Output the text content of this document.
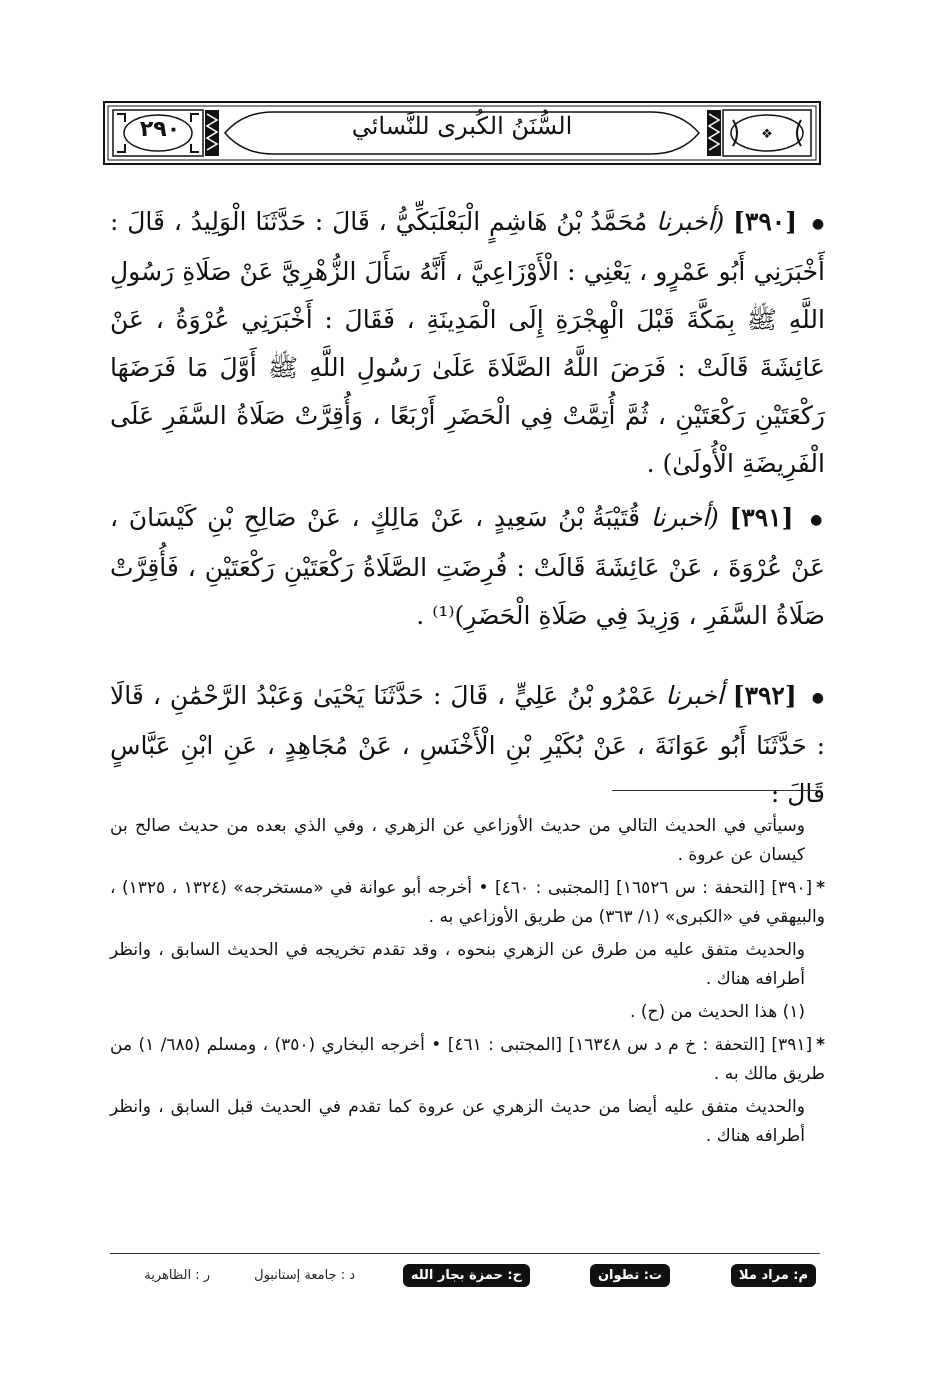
❖
السُّنَنُ الكُبرى للنَّسائي
٢٩٠
● [٣٩٠] (أخبرنا مُحَمَّدُ بْنُ هَاشِمٍ الْبَعْلَبَكِّيُّ ، قَالَ : حَدَّثَنَا الْوَلِيدُ ، قَالَ : أَخْبَرَنِي أَبُو عَمْرٍو ، يَعْنِي : الْأَوْزَاعِيَّ ، أَنَّهُ سَأَلَ الزُّهْرِيَّ عَنْ صَلَاةِ رَسُولِ اللَّهِ ﷺ بِمَكَّةَ قَبْلَ الْهِجْرَةِ إِلَى الْمَدِينَةِ ، فَقَالَ : أَخْبَرَنِي عُرْوَةُ ، عَنْ عَائِشَةَ قَالَتْ : فَرَضَ اللَّهُ الصَّلَاةَ عَلَىٰ رَسُولِ اللَّهِ ﷺ أَوَّلَ مَا فَرَضَهَا رَكْعَتَيْنِ رَكْعَتَيْنِ ، ثُمَّ أُتِمَّتْ فِي الْحَضَرِ أَرْبَعًا ، وَأُقِرَّتْ صَلَاةُ السَّفَرِ عَلَى الْفَرِيضَةِ الْأُولَىٰ) .
● [٣٩١] (أخبرنا قُتَيْبَةُ بْنُ سَعِيدٍ ، عَنْ مَالِكٍ ، عَنْ صَالِحِ بْنِ كَيْسَانَ ، عَنْ عُرْوَةَ ، عَنْ عَائِشَةَ قَالَتْ : فُرِضَتِ الصَّلَاةُ رَكْعَتَيْنِ رَكْعَتَيْنِ ، فَأُقِرَّتْ صَلَاةُ السَّفَرِ ، وَزِيدَ فِي صَلَاةِ الْحَضَرِ)⁽¹⁾ .
● [٣٩٢] أخبرنا عَمْرُو بْنُ عَلِيٍّ ، قَالَ : حَدَّثَنَا يَحْيَىٰ وَعَبْدُ الرَّحْمَٰنِ ، قَالَا : حَدَّثَنَا أَبُو عَوَانَةَ ، عَنْ بُكَيْرِ بْنِ الْأَخْنَسِ ، عَنْ مُجَاهِدٍ ، عَنِ ابْنِ عَبَّاسٍ قَالَ :

وسيأتي في الحديث التالي من حديث الأوزاعي عن الزهري ، وفي الذي بعده من حديث صالح بن كيسان عن عروة .

*[٣٩٠] [التحفة : س ١٦٥٢٦] [المجتبى : ٤٦٠] • أخرجه أبو عوانة في «مستخرجه» (١٣٢٤ ، ١٣٢٥) ، والبيهقي في «الكبرى» (١/ ٣٦٣) من طريق الأوزاعي به .

والحديث متفق عليه من طرق عن الزهري بنحوه ، وقد تقدم تخريجه في الحديث السابق ، وانظر أطرافه هناك .

(١) هذا الحديث من (ح) .

*[٣٩١] [التحفة : خ م د س ١٦٣٤٨] [المجتبى : ٤٦١] • أخرجه البخاري (٣٥٠) ، ومسلم (٦٨٥/ ١) من طريق مالك به .

والحديث متفق عليه أيضا من حديث الزهري عن عروة كما تقدم في الحديث قبل السابق ، وانظر أطرافه هناك .

م: مراد ملا
ت: تطوان
ح: حمزة بجار الله
د : جامعة إستانبول
ر : الظاهرية
